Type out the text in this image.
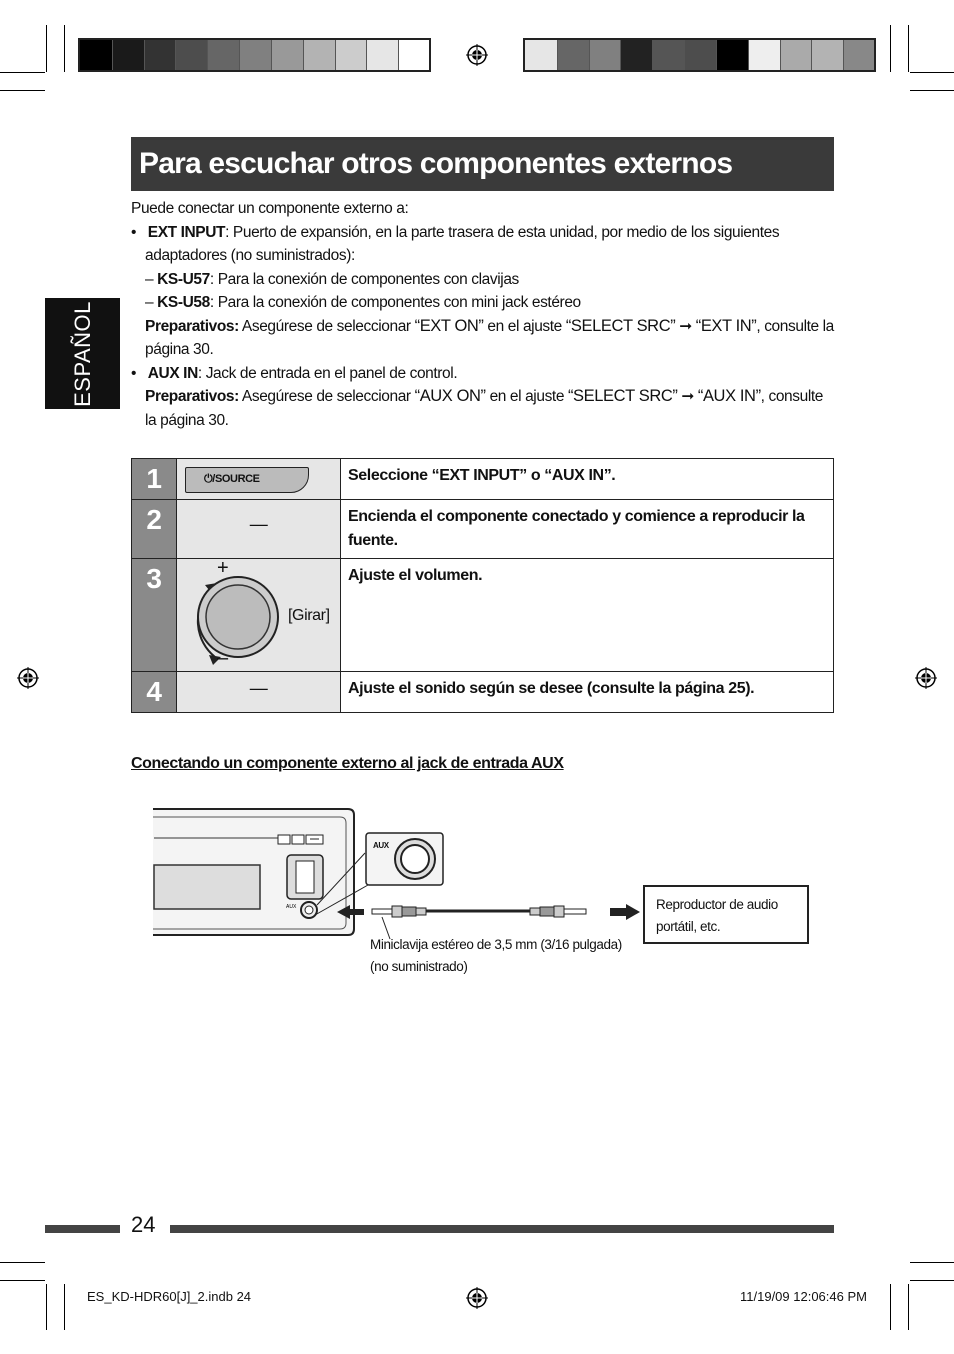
Para escuchar otros componentes externos
ESPAÑOL

Puede conectar un componente externo a:

•   EXT INPUT: Puerto de expansión, en la parte trasera de esta unidad, por medio de los siguientes adaptadores (no suministrados):

– KS-U57: Para la conexión de componentes con clavijas

– KS-U58: Para la conexión de componentes con mini jack estéreo

Preparativos: Asegúrese de seleccionar “EXT ON” en el ajuste “SELECT SRC” ➞ “EXT IN”, consulte la página 30.

•   AUX IN: Jack de entrada en el panel de control.

Preparativos: Asegúrese de seleccionar “AUX ON” en el ajuste “SELECT SRC” ➞ “AUX IN”, consulte la página 30.

1	⏻/SOURCE	Seleccione “EXT INPUT” o “AUX IN”.
2	—	Encienda el componente conectado y comience a reproducir la fuente.
3	+
–
[Girar]	Ajuste el volumen.
4	—	Ajuste el sonido según se desee (consulte la página 25).
Conectando un componente externo al jack de entrada AUX
AUX
AUX
Miniclavija estéreo de 3,5 mm (3/16 pulgada)
(no suministrado)
Reproductor de audio
portátil, etc.
24
ES_KD-HDR60[J]_2.indb 24	11/19/09 12:06:46 PM
